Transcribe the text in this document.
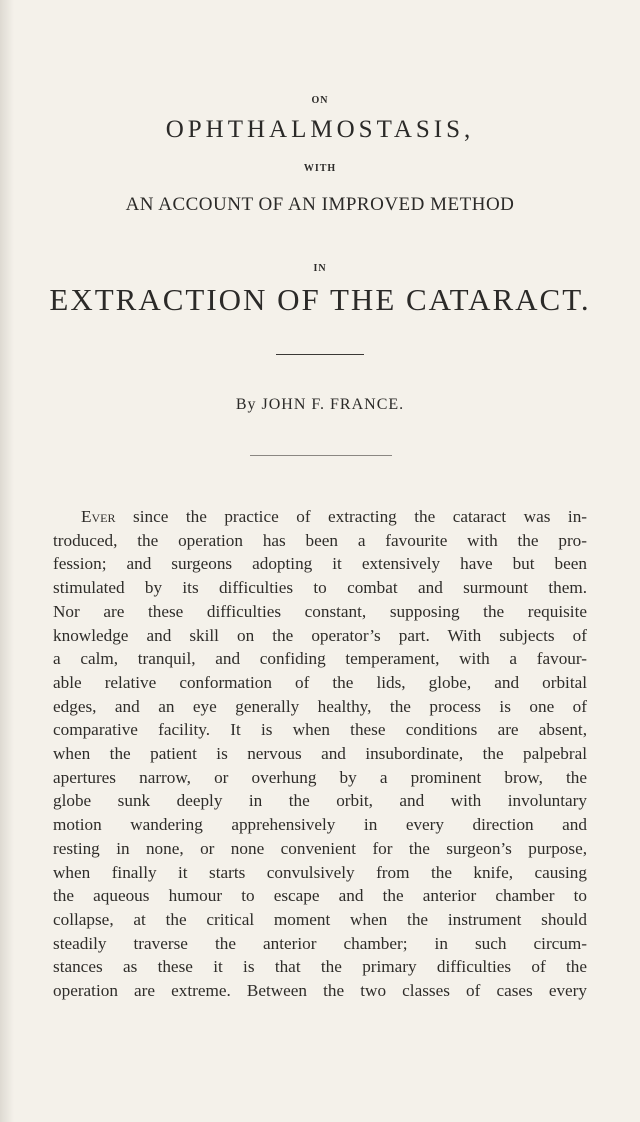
ON
OPHTHALMOSTASIS,
WITH
AN ACCOUNT OF AN IMPROVED METHOD
IN
EXTRACTION OF THE CATARACT.
By JOHN F. FRANCE.
Ever since the practice of extracting the cataract was in-
troduced, the operation has been a favourite with the pro-
fession; and surgeons adopting it extensively have but been
stimulated by its difficulties to combat and surmount them.
Nor are these difficulties constant, supposing the requisite
knowledge and skill on the operator’s part. With subjects of
a calm, tranquil, and confiding temperament, with a favour-
able relative conformation of the lids, globe, and orbital
edges, and an eye generally healthy, the process is one of
comparative facility. It is when these conditions are absent,
when the patient is nervous and insubordinate, the palpebral
apertures narrow, or overhung by a prominent brow, the
globe sunk deeply in the orbit, and with involuntary
motion wandering apprehensively in every direction and
resting in none, or none convenient for the surgeon’s purpose,
when finally it starts convulsively from the knife, causing
the aqueous humour to escape and the anterior chamber to
collapse, at the critical moment when the instrument should
steadily traverse the anterior chamber; in such circum-
stances as these it is that the primary difficulties of the
operation are extreme. Between the two classes of cases every
